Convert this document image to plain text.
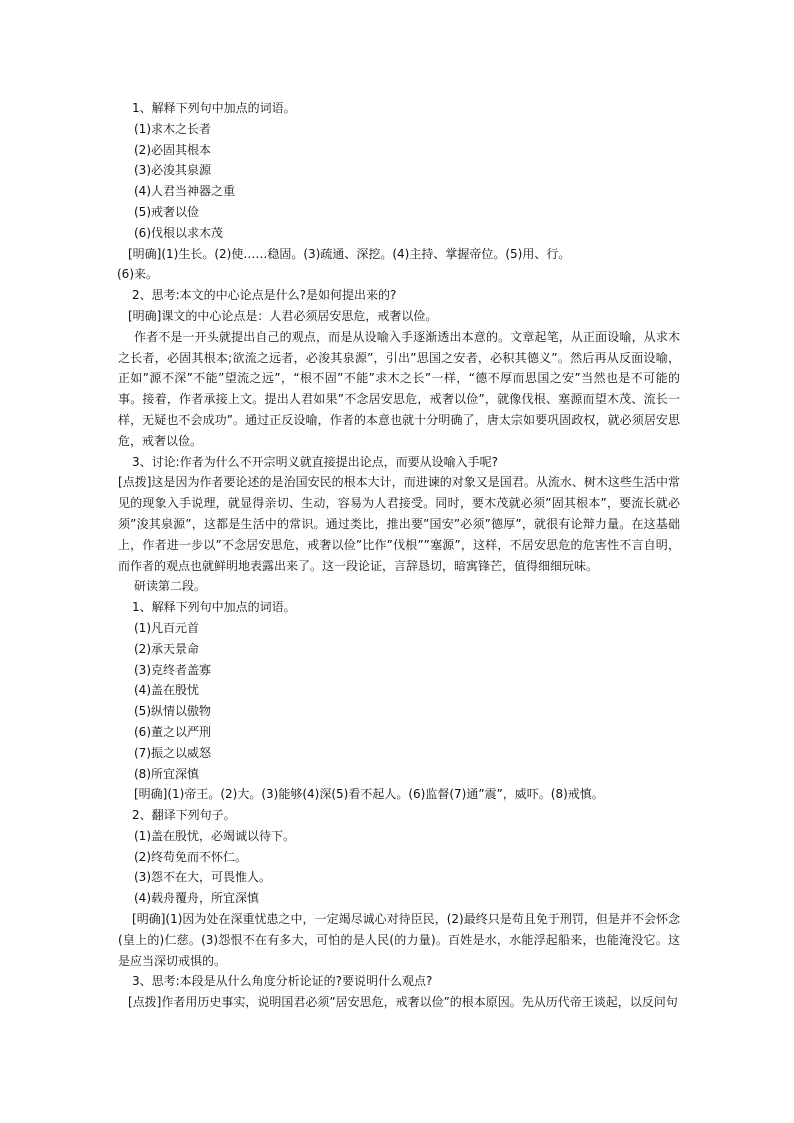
1、解释下列句中加点的词语。
(1)求木之长者
(2)必固其根本
(3)必浚其泉源
(4)人君当神器之重
(5)戒奢以俭
(6)伐根以求木茂
[明确](1)生长。(2)使……稳固。(3)疏通、深挖。(4)主持、掌握帝位。(5)用、行。
(6)来。
2、思考:本文的中心论点是什么?是如何提出来的?
[明确]课文的中心论点是：人君必须居安思危，戒奢以俭。
作者不是一开头就提出自己的观点，而是从设喻入手逐渐透出本意的。文章起笔，从正面设喻，从求木之长者，必固其根本;欲流之远者，必浚其泉源”，引出”思国之安者，必积其德义”。然后再从反面设喻，正如”源不深”不能”望流之远”，“根不固”不能”求木之长”一样，“德不厚而思国之安”当然也是不可能的事。接着，作者承接上文。提出人君如果”不念居安思危，戒奢以俭”，就像伐根、塞源而望木茂、流长一样，无疑也不会成功”。通过正反设喻，作者的本意也就十分明确了，唐太宗如要巩固政权，就必须居安思危，戒奢以俭。
3、讨论:作者为什么不开宗明义就直接提出论点，而要从设喻入手呢?
[点拨]这是因为作者要论述的是治国安民的根本大计，而进谏的对象又是国君。从流水、树木这些生活中常见的现象入手说理，就显得亲切、生动，容易为人君接受。同时，要木茂就必须”固其根本”，要流长就必须”浚其泉源”，这都是生活中的常识。通过类比，推出要”国安”必须”德厚”，就很有论辩力量。在这基础上，作者进一步以”不念居安思危，戒奢以俭”比作”伐根””塞源”，这样，不居安思危的危害性不言自明，而作者的观点也就鲜明地表露出来了。这一段论证，言辞恳切，暗寓锋芒，值得细细玩味。
研读第二段。
1、解释下列句中加点的词语。
(1)凡百元首
(2)承天景命
(3)克终者盖寡
(4)盖在殷忧
(5)纵情以傲物
(6)董之以严刑
(7)振之以威怒
(8)所宜深慎
[明确](1)帝王。(2)大。(3)能够(4)深(5)看不起人。(6)监督(7)通”震”，威吓。(8)戒慎。
2、翻译下列句子。
(1)盖在殷忧，必竭诚以待下。
(2)终苟免而不怀仁。
(3)怨不在大，可畏惟人。
(4)载舟覆舟，所宜深慎
[明确](1)因为处在深重忧患之中，一定竭尽诚心对待臣民，(2)最终只是苟且免于刑罚，但是并不会怀念(皇上的)仁慈。(3)怨恨不在有多大，可怕的是人民(的力量)。百姓是水，水能浮起船来，也能淹没它。这是应当深切戒惧的。
3、思考:本段是从什么角度分析论证的?要说明什么观点?
[点拨]作者用历史事实，说明国君必须”居安思危，戒奢以俭”的根本原因。先从历代帝王谈起，以反问句
